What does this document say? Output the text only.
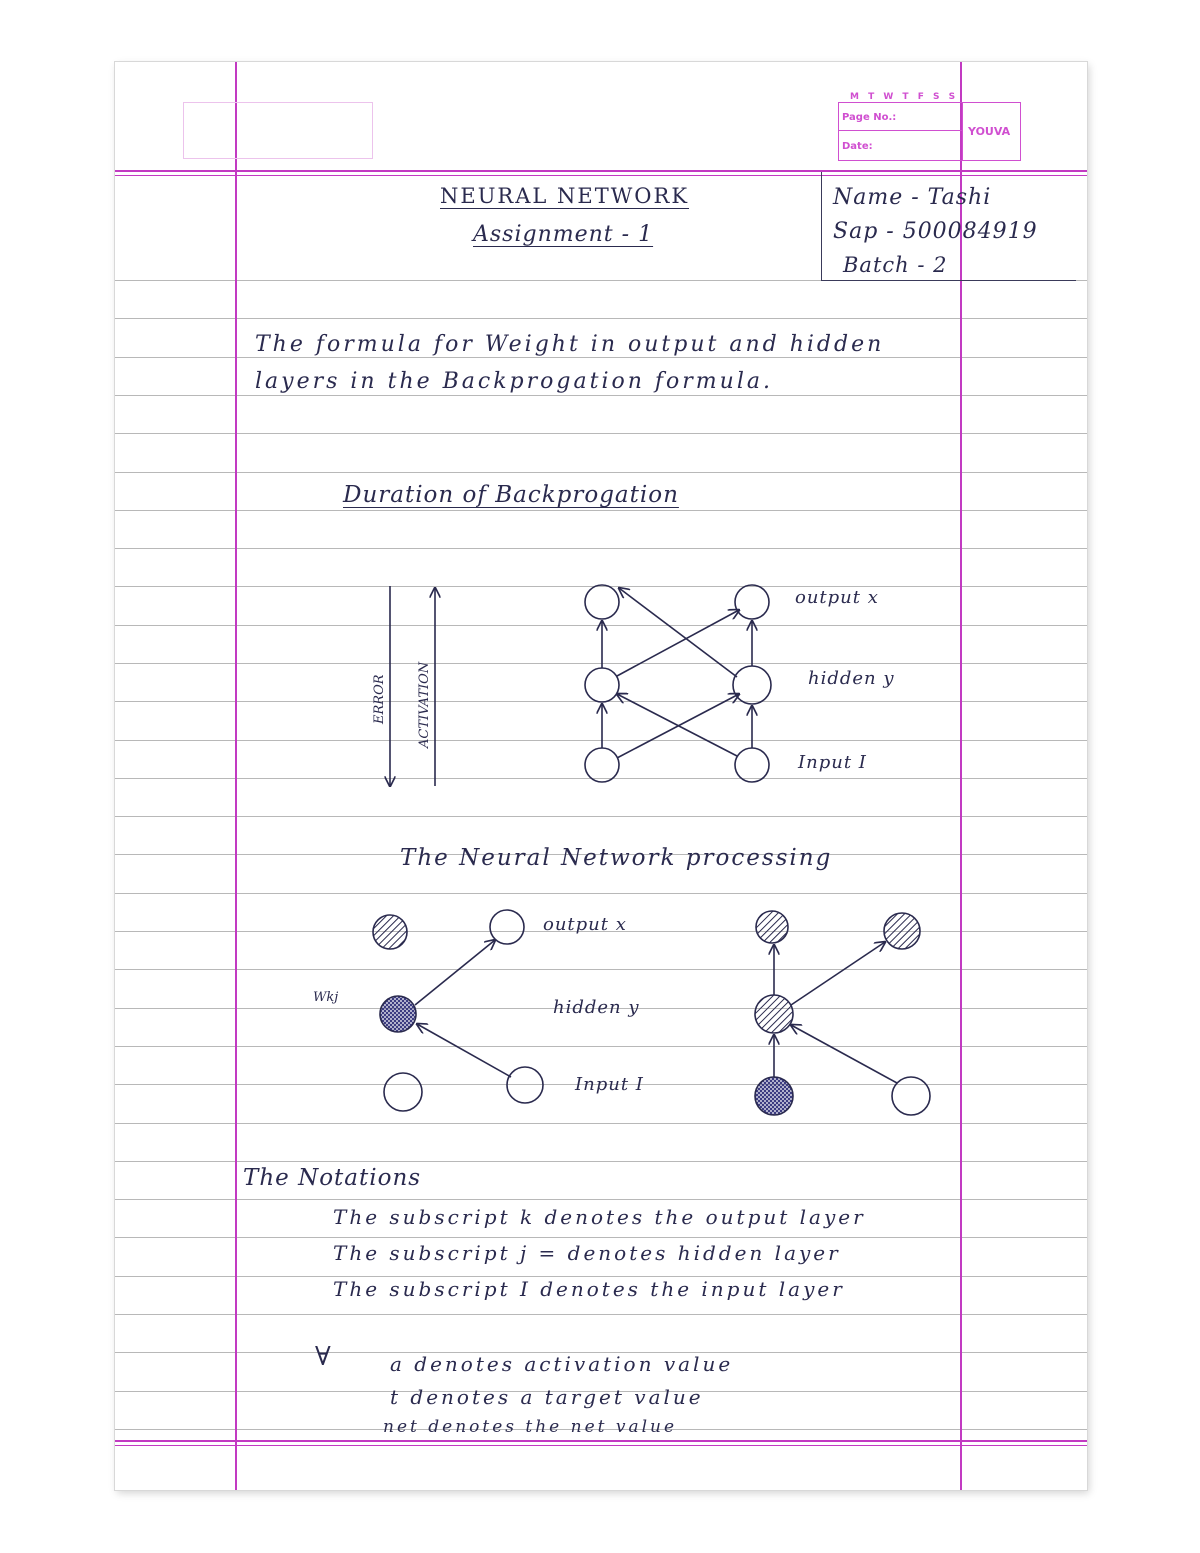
M T W T F S S
Page No.:
Date:
YOUVA
NEURAL NETWORK
Assignment - 1
Name - Tashi
Sap - 500084919
Batch - 2
The formula for Weight in output and hidden
layers in the Backprogation formula.
Duration of Backprogation
ERROR ACTIVATION
output x
hidden y
Input I
The Neural Network processing
Wkj
output x
hidden y
Input I
The Notations
The subscript k denotes the output layer
The subscript j = denotes hidden layer
The subscript I denotes the input layer
∀	a denotes activation value
t denotes a target value
net denotes the net value
